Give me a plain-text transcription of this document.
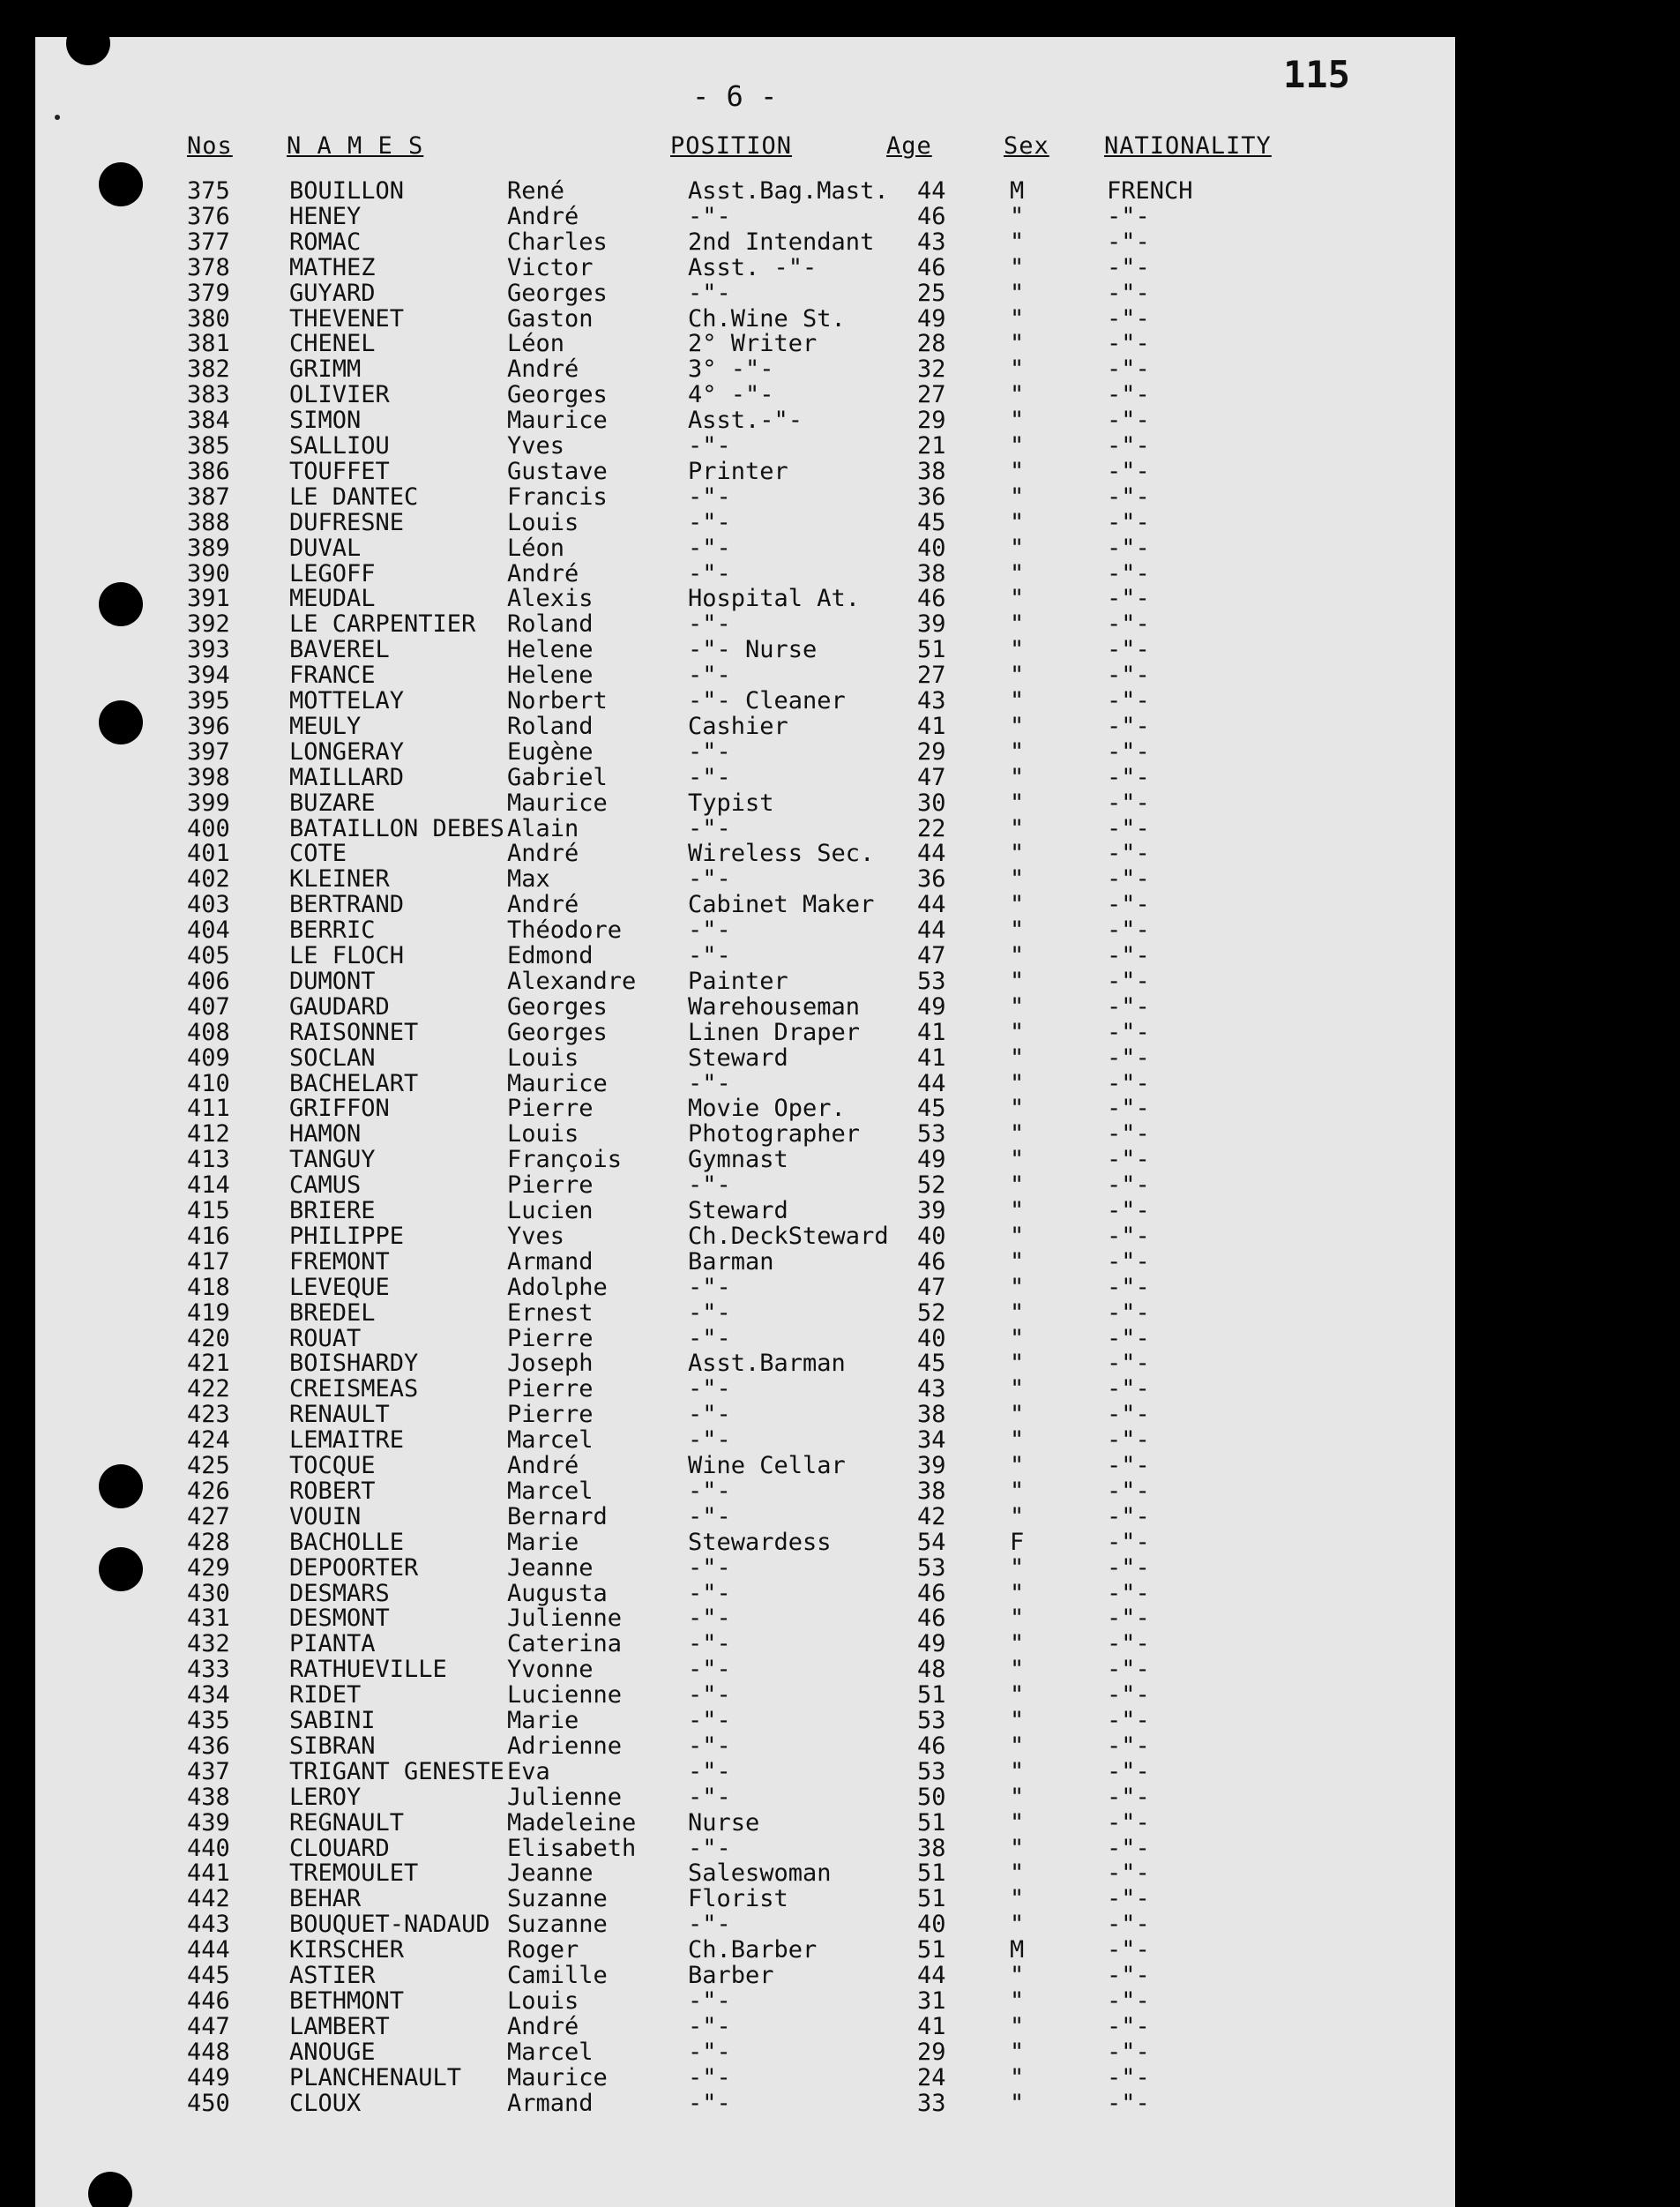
- 6 -	115
Nos N A M E S	POSITION	Age	Sex NATIONALITY
375 BOUILLON	René	Asst.Bag.Mast. 44	M	FRENCH
376 HENEY	André	-"-	46	"	-"-
377 ROMAC	Charles	2nd Intendant 43	"	-"-
378 MATHEZ	Victor	Asst. -"-	46	"	-"-
379 GUYARD	Georges	-"-	25	"	-"-
380 THEVENET	Gaston	Ch.Wine St.	49	"	-"-
381 CHENEL	Léon	2° Writer	28	"	-"-
382 GRIMM	André	3° -"-	32	"	-"-
383 OLIVIER	Georges	4° -"-	27	"	-"-
384 SIMON	Maurice	Asst.-"-	29	"	-"-
385 SALLIOU	Yves	-"-	21	"	-"-
386 TOUFFET	Gustave	Printer	38	"	-"-
387 LE DANTEC	Francis	-"-	36	"	-"-
388 DUFRESNE	Louis	-"-	45	"	-"-
389 DUVAL	Léon	-"-	40	"	-"-
390 LEGOFF	André	-"-	38	"	-"-
391 MEUDAL	Alexis	Hospital At. 46	"	-"-
392 LE CARPENTIER Roland	-"-	39	"	-"-
393 BAVEREL	Helene	-"- Nurse	51	"	-"-
394 FRANCE	Helene	-"-	27	"	-"-
395 MOTTELAY	Norbert	-"- Cleaner	43	"	-"-
396 MEULY	Roland	Cashier	41	"	-"-
397 LONGERAY	Eugène	-"-	29	"	-"-
398 MAILLARD	Gabriel	-"-	47	"	-"-
399 BUZARE	Maurice	Typist	30	"	-"-
400 BATAILLON DEBES Alain	-"-	22	"	-"-
401 COTE	André	Wireless Sec. 44	"	-"-
402 KLEINER	Max	-"-	36	"	-"-
403 BERTRAND	André	Cabinet Maker 44	"	-"-
404 BERRIC	Théodore	-"-	44	"	-"-
405 LE FLOCH	Edmond	-"-	47	"	-"-
406 DUMONT	Alexandre Painter	53	"	-"-
407 GAUDARD	Georges	Warehouseman 49	"	-"-
408 RAISONNET	Georges	Linen Draper 41	"	-"-
409 SOCLAN	Louis	Steward	41	"	-"-
410 BACHELART	Maurice	-"-	44	"	-"-
411 GRIFFON	Pierre	Movie Oper.	45	"	-"-
412 HAMON	Louis	Photographer 53	"	-"-
413 TANGUY	François	Gymnast	49	"	-"-
414 CAMUS	Pierre	-"-	52	"	-"-
415 BRIERE	Lucien	Steward	39	"	-"-
416 PHILIPPE	Yves	Ch.DeckSteward 40	"	-"-
417 FREMONT	Armand	Barman	46	"	-"-
418 LEVEQUE	Adolphe	-"-	47	"	-"-
419 BREDEL	Ernest	-"-	52	"	-"-
420 ROUAT	Pierre	-"-	40	"	-"-
421 BOISHARDY	Joseph	Asst.Barman	45	"	-"-
422 CREISMEAS	Pierre	-"-	43	"	-"-
423 RENAULT	Pierre	-"-	38	"	-"-
424 LEMAITRE	Marcel	-"-	34	"	-"-
425 TOCQUE	André	Wine Cellar	39	"	-"-
426 ROBERT	Marcel	-"-	38	"	-"-
427 VOUIN	Bernard	-"-	42	"	-"-
428 BACHOLLE	Marie	Stewardess	54	F	-"-
429 DEPOORTER	Jeanne	-"-	53	"	-"-
430 DESMARS	Augusta	-"-	46	"	-"-
431 DESMONT	Julienne	-"-	46	"	-"-
432 PIANTA	Caterina	-"-	49	"	-"-
433 RATHUEVILLE	Yvonne	-"-	48	"	-"-
434 RIDET	Lucienne	-"-	51	"	-"-
435 SABINI	Marie	-"-	53	"	-"-
436 SIBRAN	Adrienne	-"-	46	"	-"-
437 TRIGANT GENESTE Eva	-"-	53	"	-"-
438 LEROY	Julienne	-"-	50	"	-"-
439 REGNAULT	Madeleine Nurse	51	"	-"-
440 CLOUARD	Elisabeth -"-	38	"	-"-
441 TREMOULET	Jeanne	Saleswoman	51	"	-"-
442 BEHAR	Suzanne	Florist	51	"	-"-
443 BOUQUET-NADAUD Suzanne	-"-	40	"	-"-
444 KIRSCHER	Roger	Ch.Barber	51	M	-"-
445 ASTIER	Camille	Barber	44	"	-"-
446 BETHMONT	Louis	-"-	31	"	-"-
447 LAMBERT	André	-"-	41	"	-"-
448 ANOUGE	Marcel	-"-	29	"	-"-
449 PLANCHENAULT Maurice	-"-	24	"	-"-
450 CLOUX	Armand	-"-	33	"	-"-
